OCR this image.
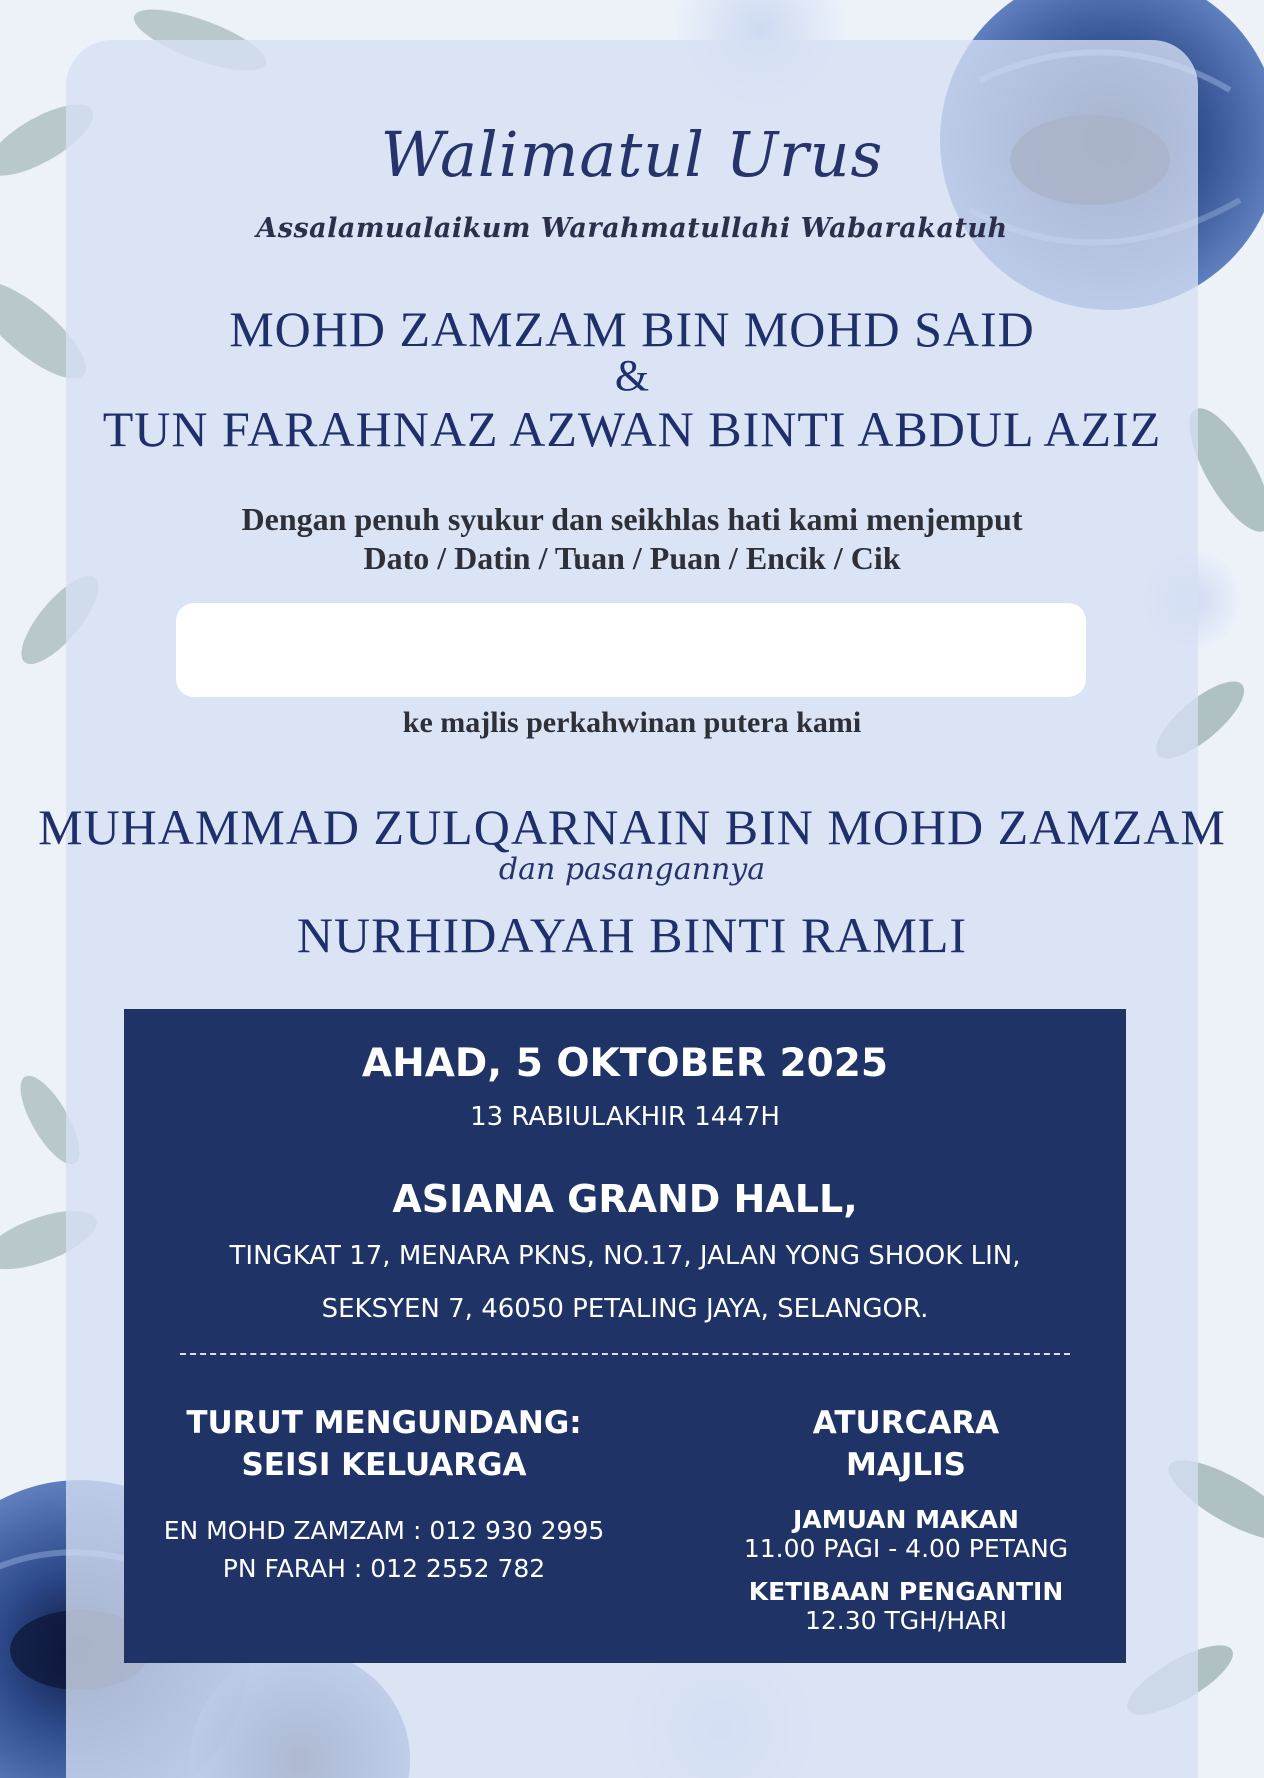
Walimatul Urus

Assalamualaikum Warahmatullahi Wabarakatuh

MOHD ZAMZAM BIN MOHD SAID

&

TUN FARAHNAZ AZWAN BINTI ABDUL AZIZ

Dengan penuh syukur dan seikhlas hati kami menjemput

Dato / Datin / Tuan / Puan / Encik / Cik

ke majlis perkahwinan putera kami

MUHAMMAD ZULQARNAIN BIN MOHD ZAMZAM

dan pasangannya

NURHIDAYAH BINTI RAMLI

AHAD, 5 OKTOBER 2025

13 RABIULAKHIR 1447H

ASIANA GRAND HALL,

TINGKAT 17, MENARA PKNS, NO.17, JALAN YONG SHOOK LIN,

SEKSYEN 7, 46050 PETALING JAYA, SELANGOR.

TURUT MENGUNDANG:

SEISI KELUARGA

EN MOHD ZAMZAM : 012 930 2995

PN FARAH : 012 2552 782

ATURCARA

MAJLIS

JAMUAN MAKAN

11.00 PAGI - 4.00 PETANG

KETIBAAN PENGANTIN

12.30 TGH/HARI
